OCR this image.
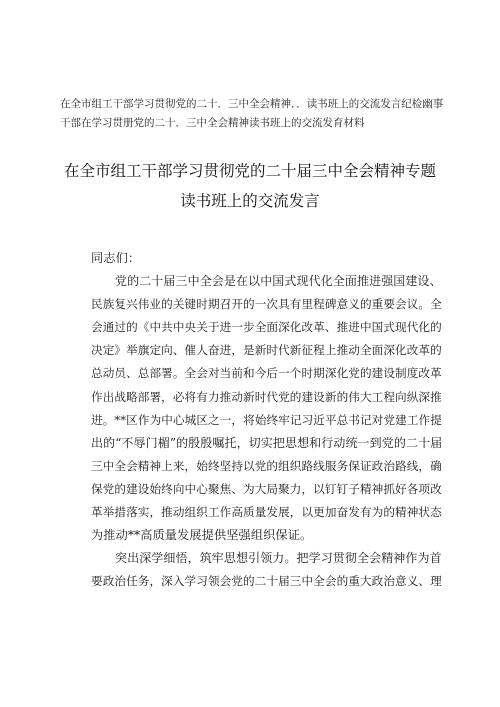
在全市组工干部学习贯彻党的二十．三中全会精神．．读书班上的交流发言纪检幽事
干部在学习贯册党的二十．三中全会精神读书班上的交流发育材料
在全市组工干部学习贯彻党的二十届三中全会精神专题
读书班上的交流发言
同志们：
党的二十届三中全会是在以中国式现代化全面推进强国建设、
民族复兴伟业的关键时期召开的一次具有里程碑意义的重要会议。全
会通过的《中共中央关于进一步全面深化改革、推进中国式现代化的
决定》举旗定向、催人奋进，是新时代新征程上推动全面深化改革的
总动员、总部署。全会对当前和今后一个时期深化党的建设制度改革
作出战略部署，必将有力推动新时代党的建设新的伟大工程向纵深推
进。**区作为中心城区之一，将始终牢记习近平总书记对党建工作提
出的“不辱门楣”的殷殷嘱托，切实把思想和行动统一到党的二十届
三中全会精神上来，始终坚持以党的组织路线服务保证政治路线，确
保党的建设始终向中心聚焦、为大局聚力，以钉钉子精神抓好各项改
革举措落实，推动组织工作高质量发展，以更加奋发有为的精神状态
为推动**高质量发展提供坚强组织保证。
突出深学细悟，筑牢思想引领力。把学习贯彻全会精神作为首
要政治任务，深入学习领会党的二十届三中全会的重大政治意义、理
